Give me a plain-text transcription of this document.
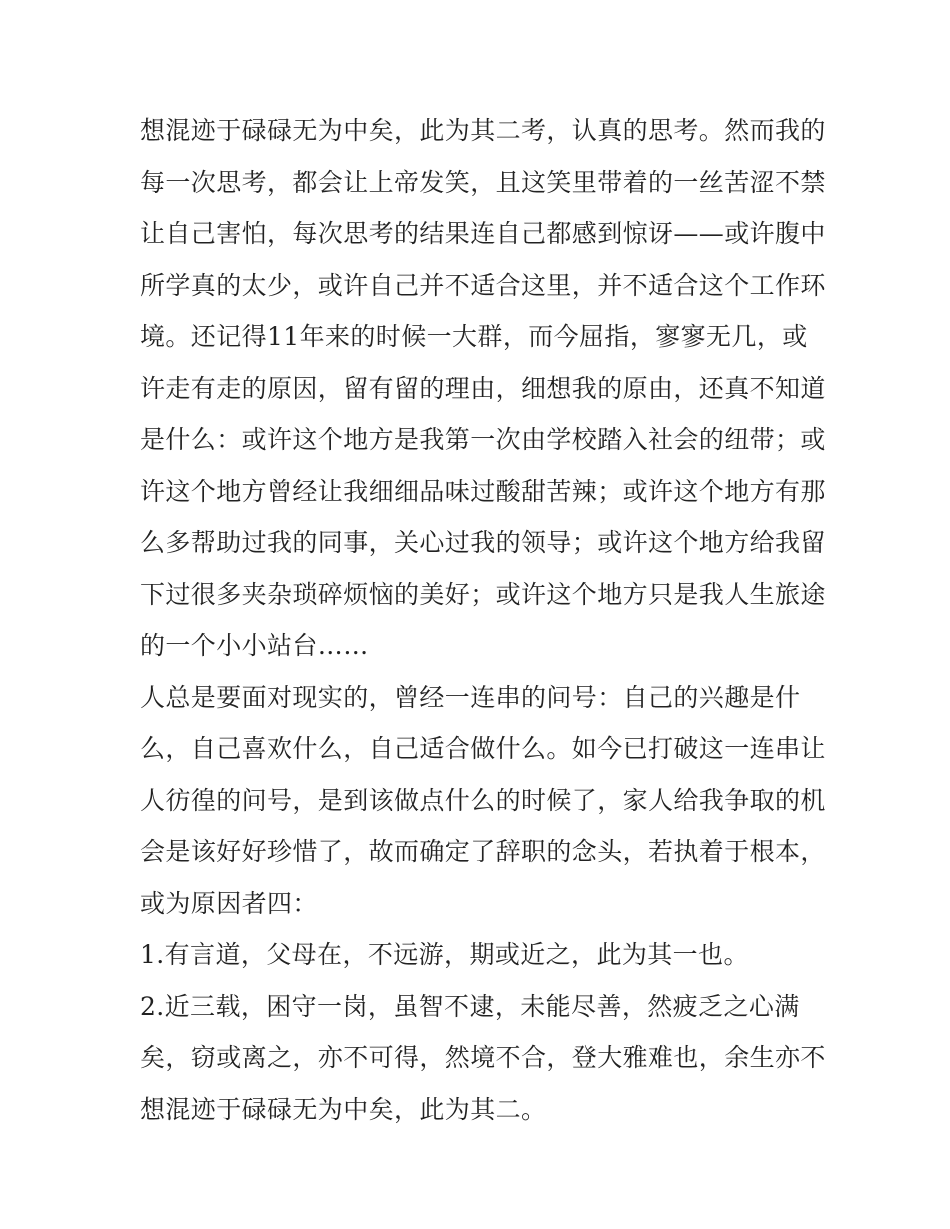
想混迹于碌碌无为中矣，此为其二考，认真的思考。然而我的
每一次思考，都会让上帝发笑，且这笑里带着的一丝苦涩不禁
让自己害怕，每次思考的结果连自己都感到惊讶——或许腹中
所学真的太少，或许自己并不适合这里，并不适合这个工作环
境。还记得11年来的时候一大群，而今屈指，寥寥无几，或
许走有走的原因，留有留的理由，细想我的原由，还真不知道
是什么：或许这个地方是我第一次由学校踏入社会的纽带；或
许这个地方曾经让我细细品味过酸甜苦辣；或许这个地方有那
么多帮助过我的同事，关心过我的领导；或许这个地方给我留
下过很多夹杂琐碎烦恼的美好；或许这个地方只是我人生旅途
的一个小小站台……
人总是要面对现实的，曾经一连串的问号：自己的兴趣是什
么，自己喜欢什么，自己适合做什么。如今已打破这一连串让
人彷徨的问号，是到该做点什么的时候了，家人给我争取的机
会是该好好珍惜了，故而确定了辞职的念头，若执着于根本，
或为原因者四：
1.有言道，父母在，不远游，期或近之，此为其一也。
2.近三载，困守一岗，虽智不逮，未能尽善，然疲乏之心满
矣，窃或离之，亦不可得，然境不合，登大雅难也，余生亦不
想混迹于碌碌无为中矣，此为其二。
